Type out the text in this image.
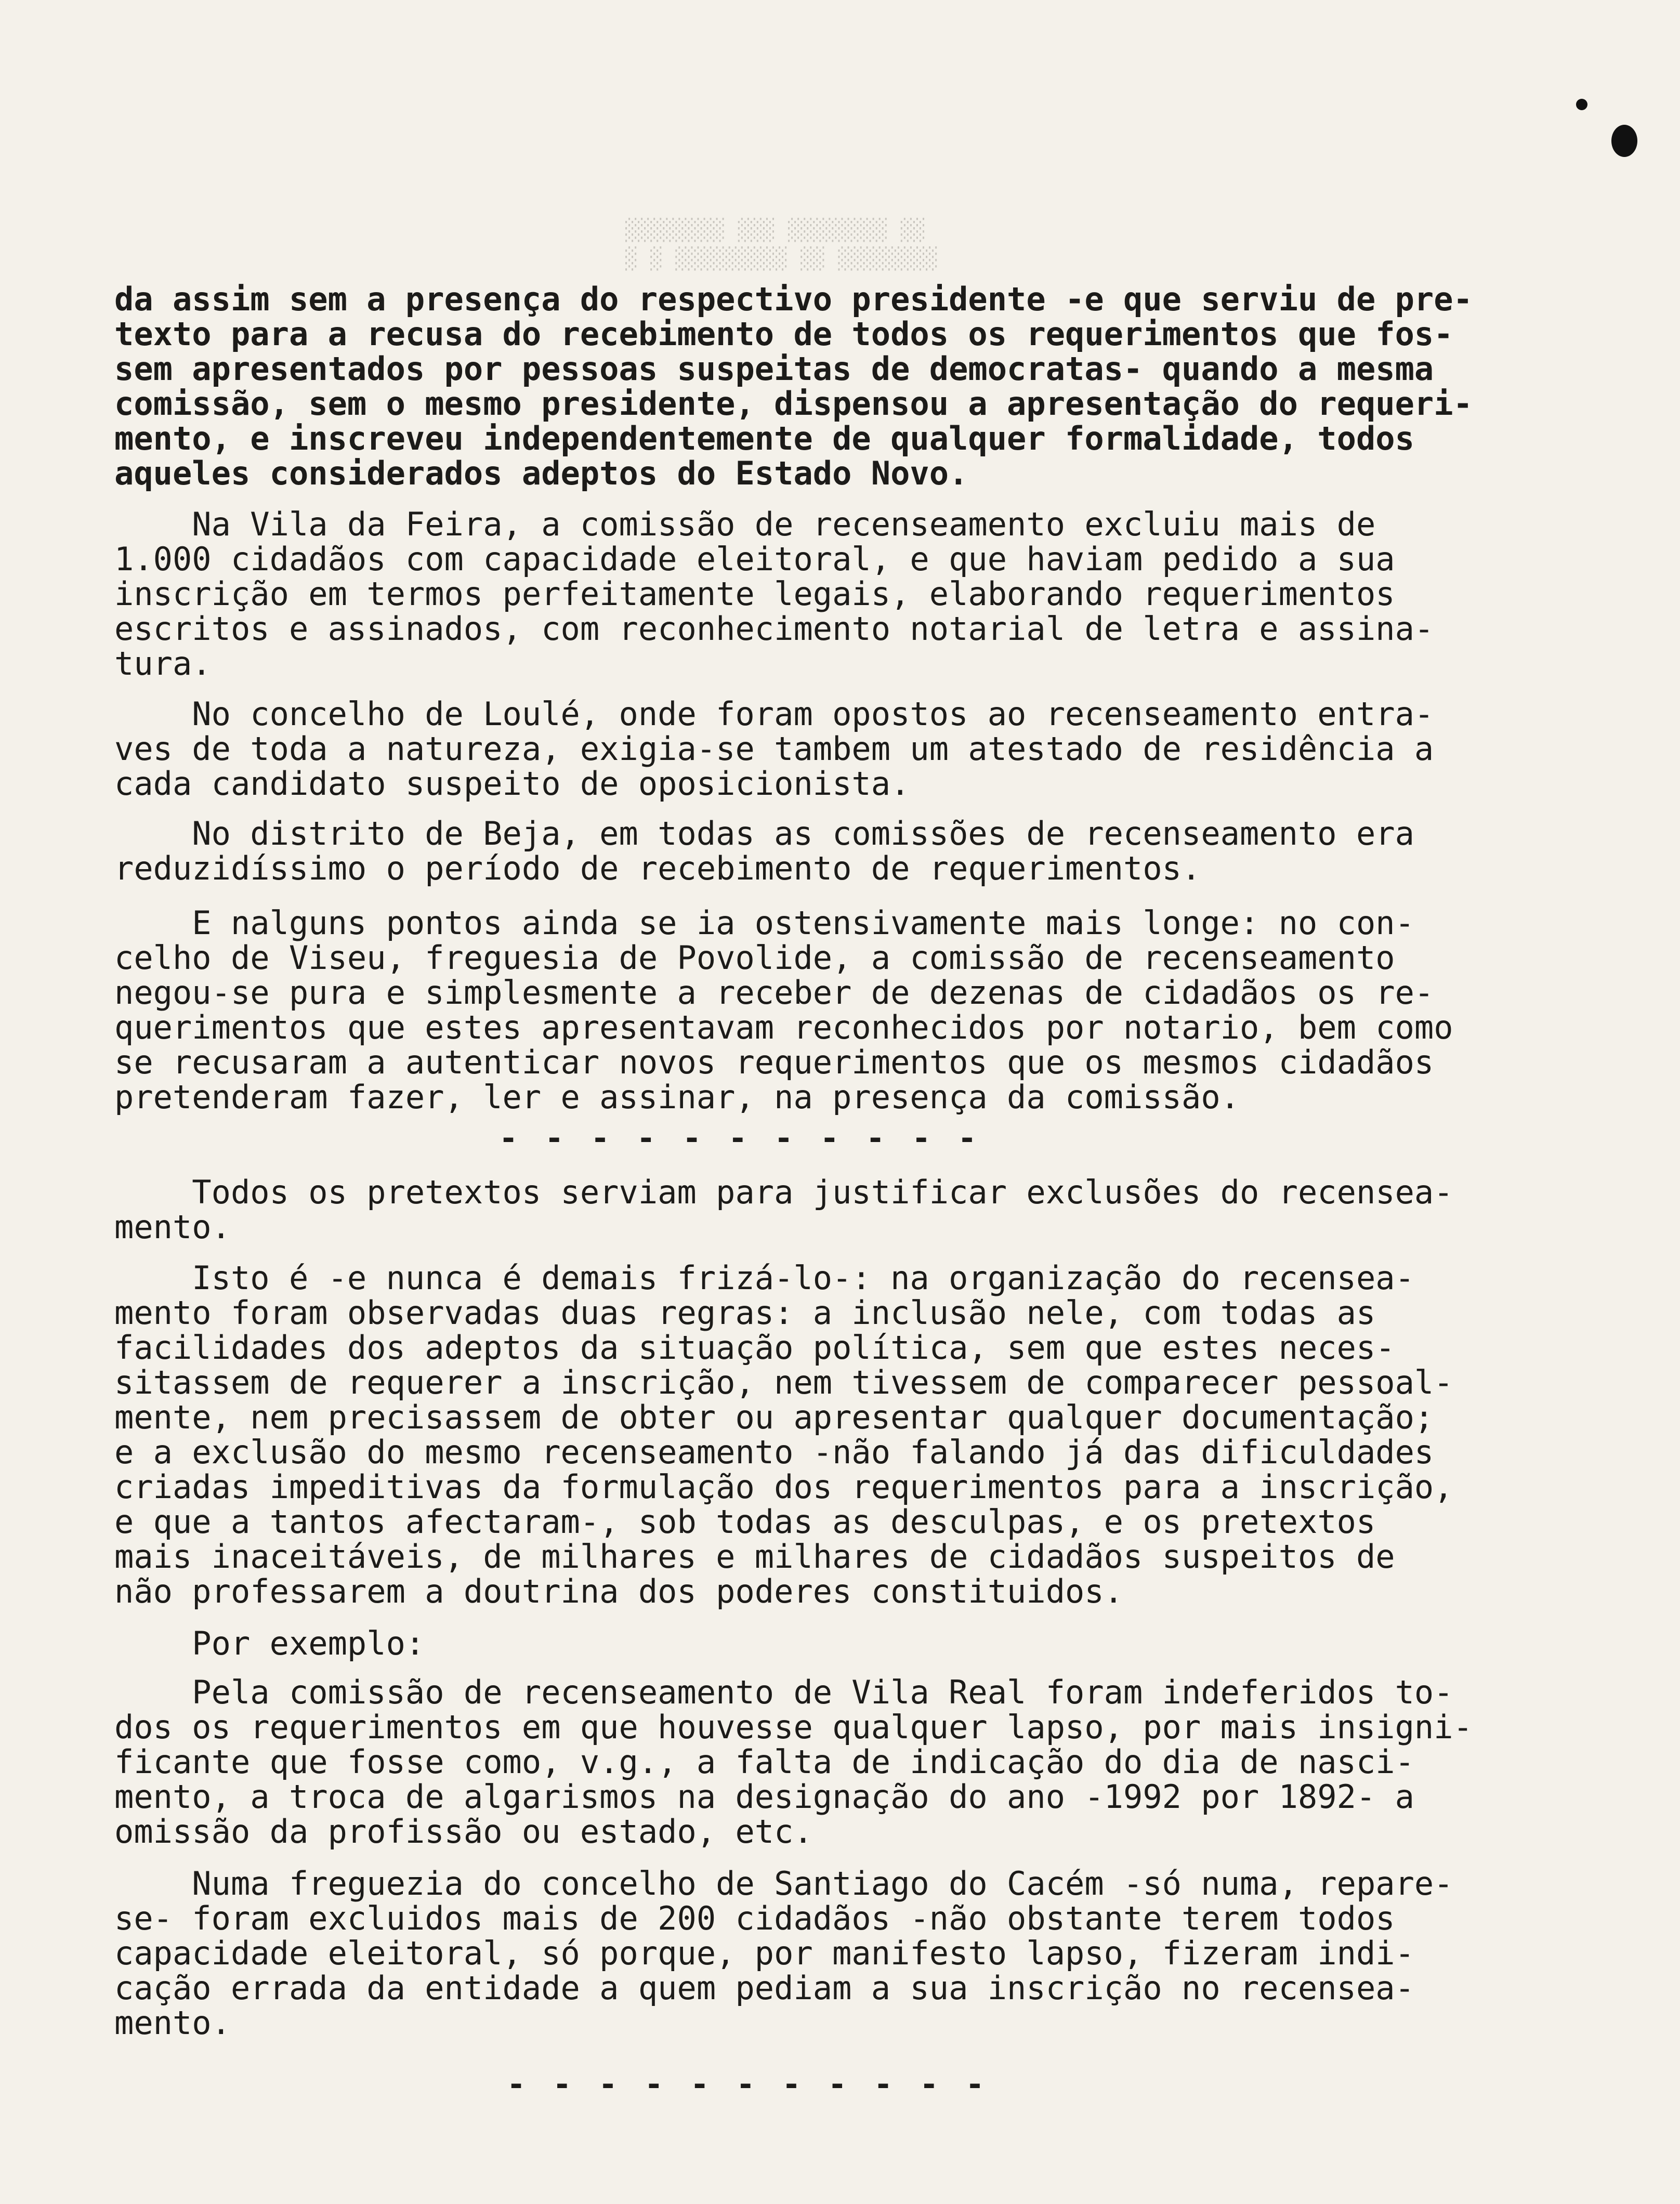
░░ ░░░░░░░░ ░░░ ░░░░░░░░
░░░░░░░░ ░░ ░░░░░░░░░ ░ ░
da assim sem a presença do respectivo presidente -e que serviu de pre-
texto para a recusa do recebimento de todos os requerimentos que fos-
sem apresentados por pessoas suspeitas de democratas- quando a mesma
comissão, sem o mesmo presidente, dispensou a apresentação do requeri-
mento, e inscreveu independentemente de qualquer formalidade, todos
aqueles considerados adeptos do Estado Novo.
Na Vila da Feira, a comissão de recenseamento excluiu mais de
1.000 cidadãos com capacidade eleitoral, e que haviam pedido a sua
inscrição em termos perfeitamente legais, elaborando requerimentos
escritos e assinados, com reconhecimento notarial de letra e assina-
tura.
No concelho de Loulé, onde foram opostos ao recenseamento entra-
ves de toda a natureza, exigia-se tambem um atestado de residência a
cada candidato suspeito de oposicionista.
No distrito de Beja, em todas as comissões de recenseamento era
reduzidíssimo o período de recebimento de requerimentos.
E nalguns pontos ainda se ia ostensivamente mais longe: no con-
celho de Viseu, freguesia de Povolide, a comissão de recenseamento
negou-se pura e simplesmente a receber de dezenas de cidadãos os re-
querimentos que estes apresentavam reconhecidos por notario, bem como
se recusaram a autenticar novos requerimentos que os mesmos cidadãos
pretenderam fazer, ler e assinar, na presença da comissão.
- - - - - - - - - - -
Todos os pretextos serviam para justificar exclusões do recensea-
mento.
Isto é -e nunca é demais frizá-lo-: na organização do recensea-
mento foram observadas duas regras: a inclusão nele, com todas as
facilidades dos adeptos da situação política, sem que estes neces-
sitassem de requerer a inscrição, nem tivessem de comparecer pessoal-
mente, nem precisassem de obter ou apresentar qualquer documentação;
e a exclusão do mesmo recenseamento -não falando já das dificuldades
criadas impeditivas da formulação dos requerimentos para a inscrição,
e que a tantos afectaram-, sob todas as desculpas, e os pretextos
mais inaceitáveis, de milhares e milhares de cidadãos suspeitos de
não professarem a doutrina dos poderes constituidos.
Por exemplo:
Pela comissão de recenseamento de Vila Real foram indeferidos to-
dos os requerimentos em que houvesse qualquer lapso, por mais insigni-
ficante que fosse como, v.g., a falta de indicação do dia de nasci-
mento, a troca de algarismos na designação do ano -1992 por 1892- a
omissão da profissão ou estado, etc.
Numa freguezia do concelho de Santiago do Cacém -só numa, repare-
se- foram excluidos mais de 200 cidadãos -não obstante terem todos
capacidade eleitoral, só porque, por manifesto lapso, fizeram indi-
cação errada da entidade a quem pediam a sua inscrição no recensea-
mento.
- - - - - - - - - - -
